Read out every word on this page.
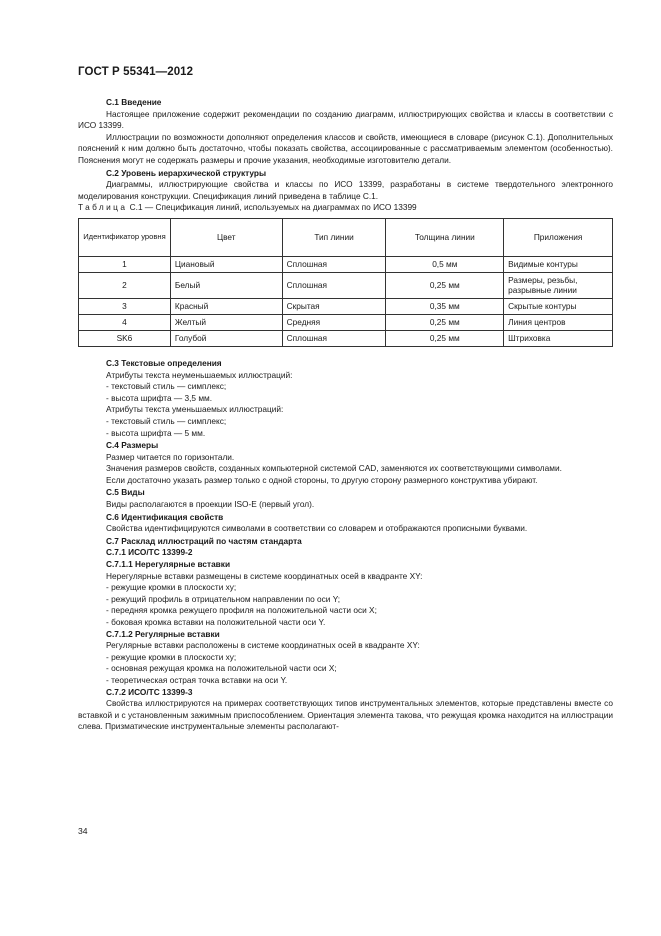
ГОСТ Р 55341—2012

С.1 Введение

Настоящее приложение содержит рекомендации по созданию диаграмм, иллюстрирующих свойства и классы в соответствии с ИСО 13399.

Иллюстрации по возможности дополняют определения классов и свойств, имеющиеся в словаре (рисунок С.1). Дополнительных пояснений к ним должно быть достаточно, чтобы показать свойства, ассоциированные с рассматриваемым элементом (особенностью). Пояснения могут не содержать размеры и прочие указания, необходимые изготовителю детали.

С.2 Уровень иерархической структуры

Диаграммы, иллюстрирующие свойства и классы по ИСО 13399, разработаны в системе твердотельного электронного моделирования конструкции. Спецификация линий приведена в таблице С.1.

Таблица С.1 — Спецификация линий, используемых на диаграммах по ИСО 13399

Идентификатор уровня	Цвет	Тип линии	Толщина линии	Приложения
1	Циановый	Сплошная	0,5 мм	Видимые контуры
2	Белый	Сплошная	0,25 мм	Размеры, резьбы, разрывные линии
3	Красный	Скрытая	0,35 мм	Скрытые контуры
4	Желтый	Средняя	0,25 мм	Линия центров
SK6	Голубой	Сплошная	0,25 мм	Штриховка

С.3 Текстовые определения

Атрибуты текста неуменьшаемых иллюстраций:

- текстовый стиль — симплекс;

- высота шрифта — 3,5 мм.

Атрибуты текста уменьшаемых иллюстраций:

- текстовый стиль — симплекс;

- высота шрифта — 5 мм.

С.4 Размеры

Размер читается по горизонтали.

Значения размеров свойств, созданных компьютерной системой CAD, заменяются их соответствующими символами.

Если достаточно указать размер только с одной стороны, то другую сторону размерного конструктива убирают.

С.5 Виды

Виды располагаются в проекции ISO-E (первый угол).

С.6 Идентификация свойств

Свойства идентифицируются символами в соответствии со словарем и отображаются прописными буквами.

С.7 Расклад иллюстраций по частям стандарта

С.7.1 ИСО/ТС 13399-2

С.7.1.1 Нерегулярные вставки

Нерегулярные вставки размещены в системе координатных осей в квадранте XY:

- режущие кромки в плоскости xy;

- режущий профиль в отрицательном направлении по оси Y;

- передняя кромка режущего профиля на положительной части оси X;

- боковая кромка вставки на положительной части оси Y.

С.7.1.2 Регулярные вставки

Регулярные вставки расположены в системе координатных осей в квадранте XY:

- режущие кромки в плоскости xy;

- основная режущая кромка на положительной части оси X;

- теоретическая острая точка вставки на оси Y.

С.7.2 ИСО/ТС 13399-3

Свойства иллюстрируются на примерах соответствующих типов инструментальных элементов, которые представлены вместе со вставкой и с установленным зажимным приспособлением. Ориентация элемента такова, что режущая кромка находится на иллюстрации слева. Призматические инструментальные элементы располагают-

34
